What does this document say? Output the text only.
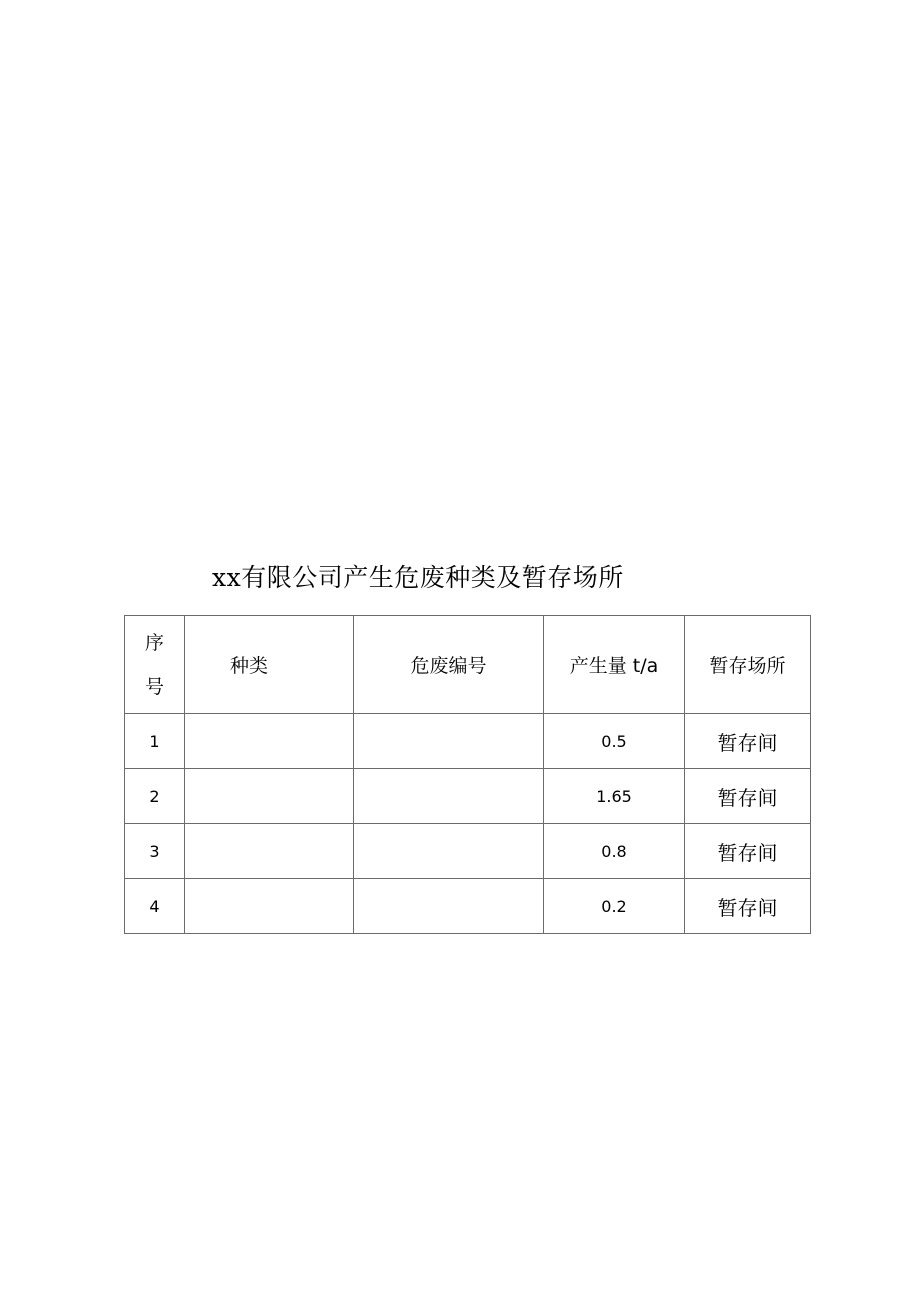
xx有限公司产生危废种类及暂存场所
序
号	种类	危废编号	产生量 t/a	暂存场所
1			0.5	暂存间
2			1.65	暂存间
3			0.8	暂存间
4			0.2	暂存间
